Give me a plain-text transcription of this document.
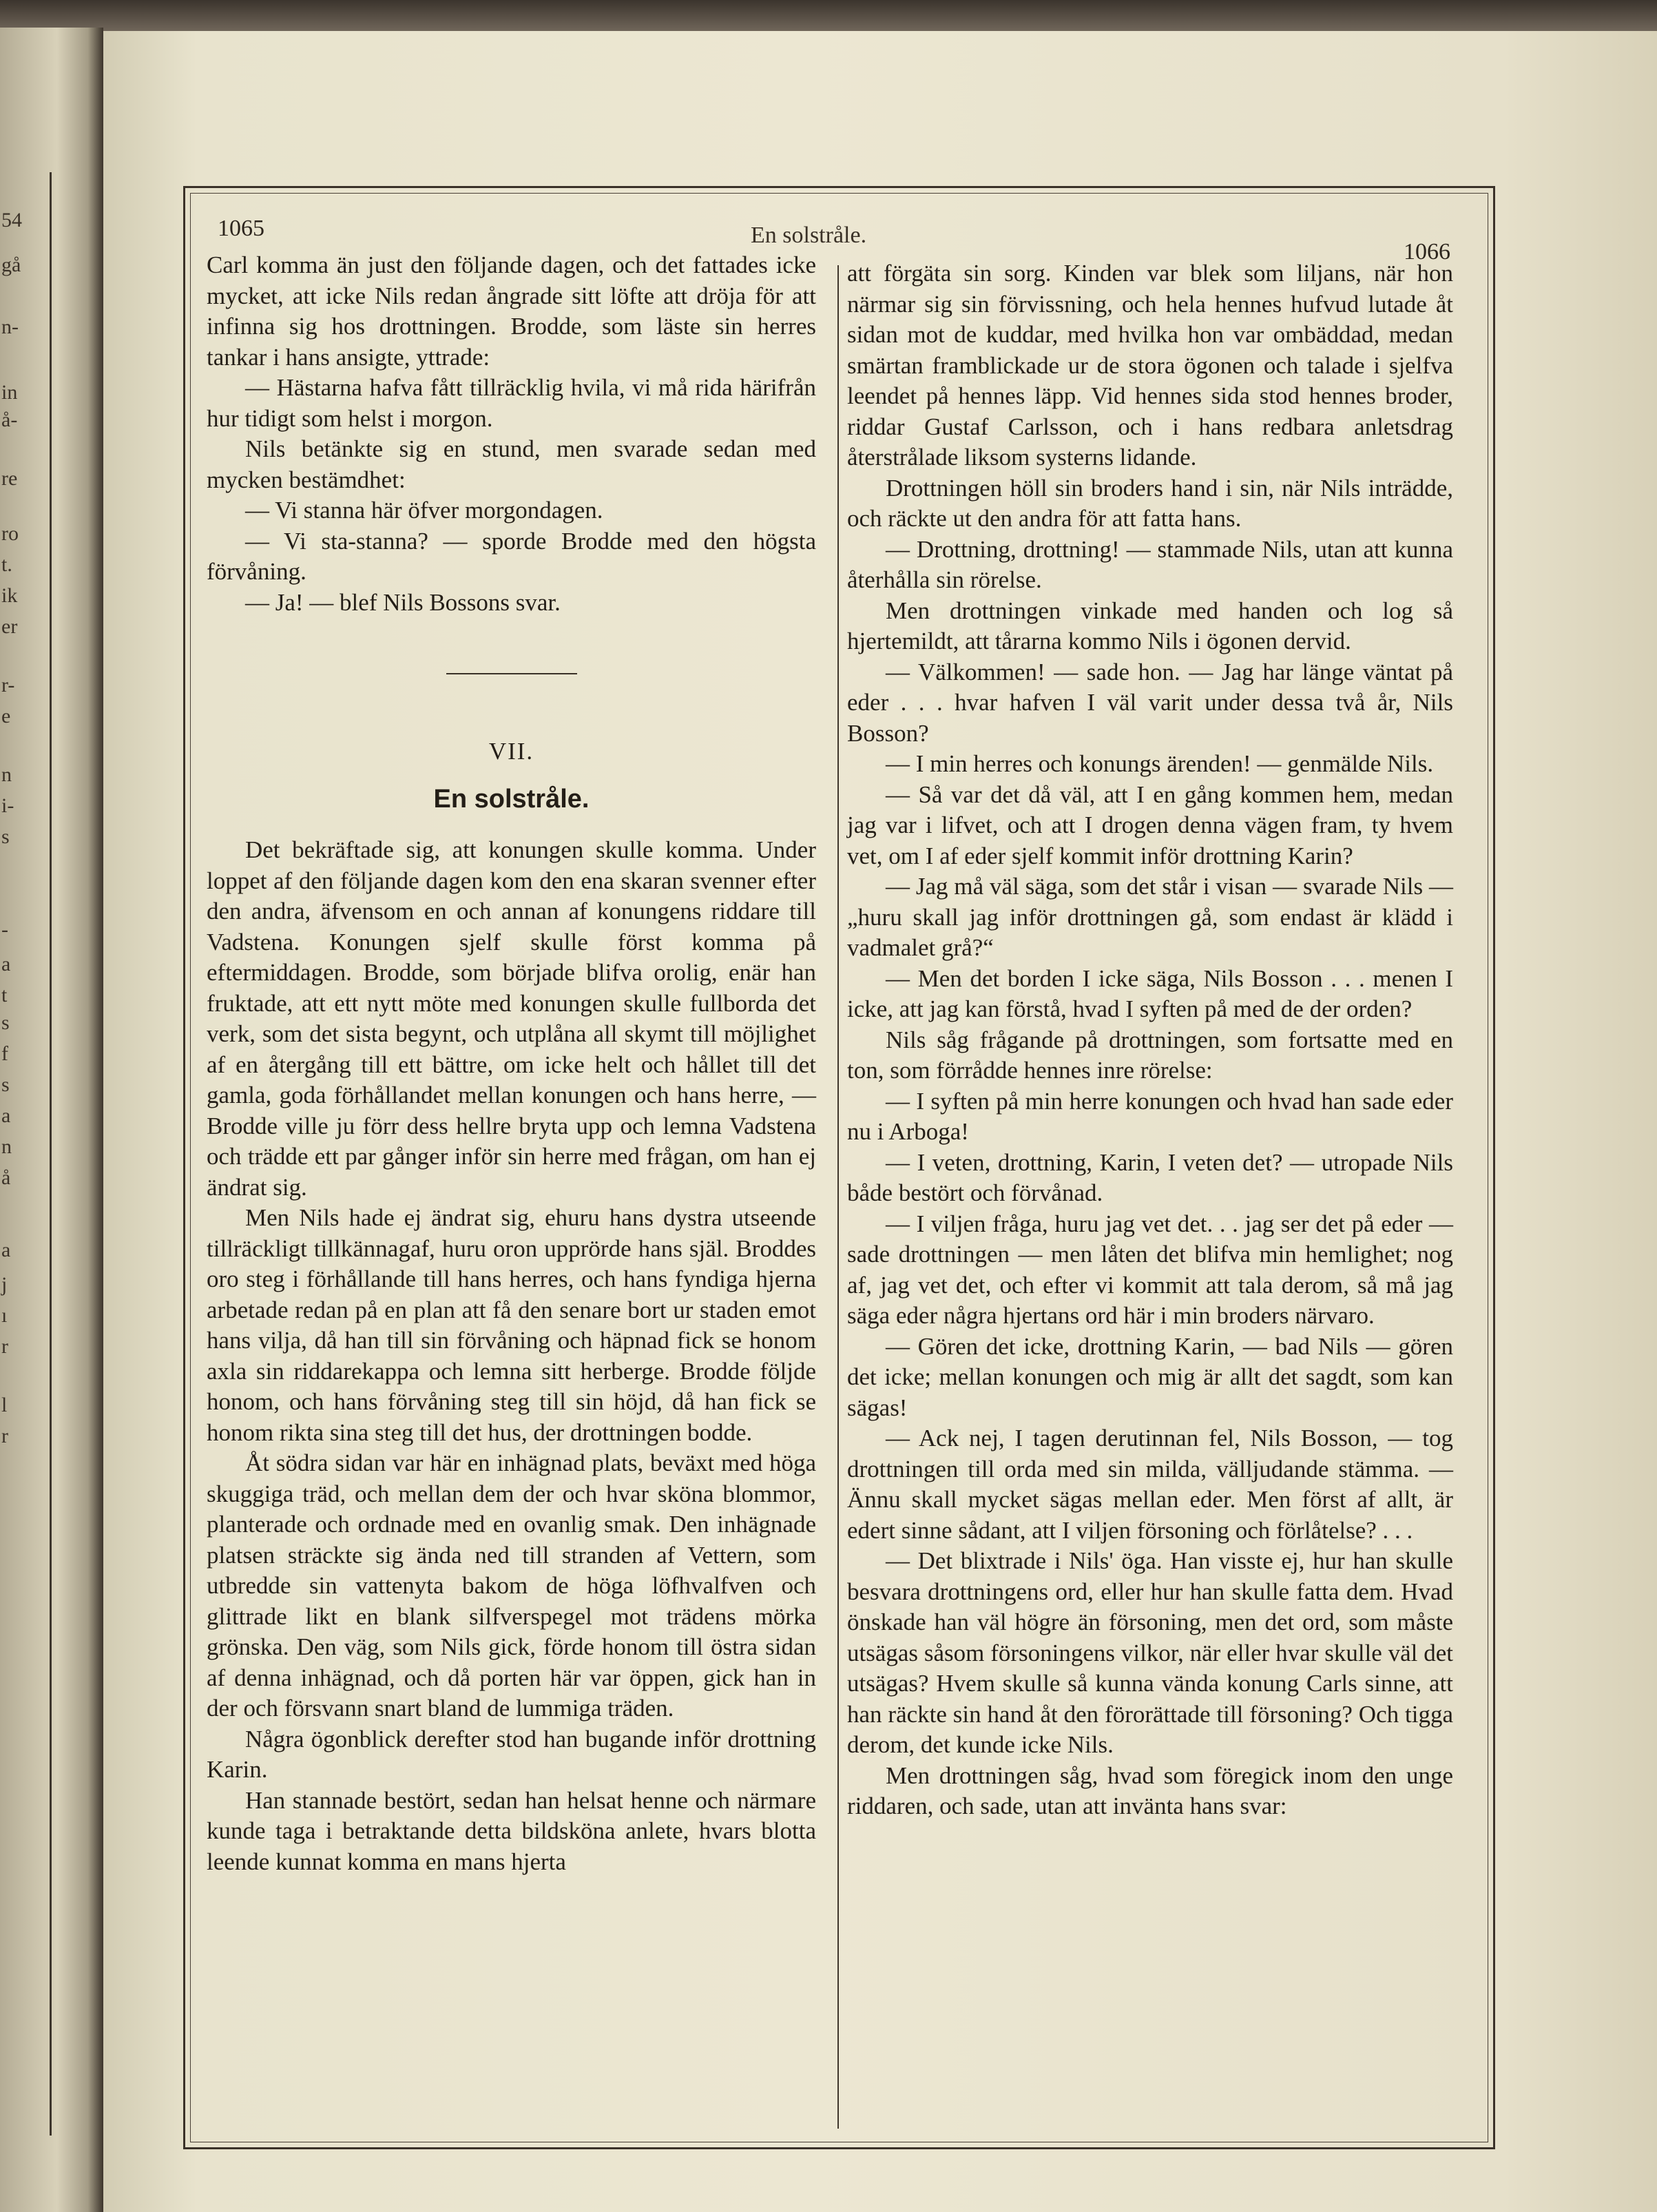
54
gå
n-
in
å-
re
ro
t.
ik
er
r-
e
n
i-
s
-
a
t
s
f
s
a
n
å
a
j
ı
r
l
r
1065	En solstråle.
1066

Carl komma än just den följande dagen, och det fattades icke mycket, att icke Nils redan ångrade sitt löfte att dröja för att infinna sig hos drottningen. Brodde, som läste sin herres tankar i hans ansigte, yttrade:

— Hästarna hafva fått tillräcklig hvila, vi må rida härifrån hur tidigt som helst i morgon.

Nils betänkte sig en stund, men svarade sedan med mycken bestämdhet:

— Vi stanna här öfver morgondagen.

— Vi sta-stanna? — sporde Brodde med den högsta förvåning.

— Ja! — blef Nils Bossons svar.

VII.
En solstråle.

Det bekräftade sig, att konungen skulle komma. Under loppet af den följande dagen kom den ena skaran svenner efter den andra, äfvensom en och annan af konungens riddare till Vadstena. Konungen sjelf skulle först komma på eftermiddagen. Brodde, som började blifva orolig, enär han fruktade, att ett nytt möte med konungen skulle fullborda det verk, som det sista begynt, och utplåna all skymt till möjlighet af en återgång till ett bättre, om icke helt och hållet till det gamla, goda förhållandet mellan konungen och hans herre, — Brodde ville ju förr dess hellre bryta upp och lemna Vadstena och trädde ett par gånger inför sin herre med frågan, om han ej ändrat sig.

Men Nils hade ej ändrat sig, ehuru hans dystra utseende tillräckligt tillkännagaf, huru oron upprörde hans själ. Broddes oro steg i förhållande till hans herres, och hans fyndiga hjerna arbetade redan på en plan att få den senare bort ur staden emot hans vilja, då han till sin förvåning och häpnad fick se honom axla sin riddarekappa och lemna sitt herberge. Brodde följde honom, och hans förvåning steg till sin höjd, då han fick se honom rikta sina steg till det hus, der drottningen bodde.

Åt södra sidan var här en inhägnad plats, beväxt med höga skuggiga träd, och mellan dem der och hvar sköna blommor, planterade och ordnade med en ovanlig smak. Den inhägnade platsen sträckte sig ända ned till stranden af Vettern, som utbredde sin vattenyta bakom de höga löfhvalfven och glittrade likt en blank silfverspegel mot trädens mörka grönska. Den väg, som Nils gick, förde honom till östra sidan af denna inhägnad, och då porten här var öppen, gick han in der och försvann snart bland de lummiga träden.

Några ögonblick derefter stod han bugande inför drottning Karin.

Han stannade bestört, sedan han helsat henne och närmare kunde taga i betraktande detta bildsköna anlete, hvars blotta leende kunnat komma en mans hjerta

att förgäta sin sorg. Kinden var blek som liljans, när hon närmar sig sin förvissning, och hela hennes hufvud lutade åt sidan mot de kuddar, med hvilka hon var ombäddad, medan smärtan framblickade ur de stora ögonen och talade i sjelfva leendet på hennes läpp. Vid hennes sida stod hennes broder, riddar Gustaf Carlsson, och i hans redbara anletsdrag återstrålade liksom systerns lidande.

Drottningen höll sin broders hand i sin, när Nils inträdde, och räckte ut den andra för att fatta hans.

— Drottning, drottning! — stammade Nils, utan att kunna återhålla sin rörelse.

Men drottningen vinkade med handen och log så hjertemildt, att tårarna kommo Nils i ögonen dervid.

— Välkommen! — sade hon. — Jag har länge väntat på eder . . . hvar hafven I väl varit under dessa två år, Nils Bosson?

— I min herres och konungs ärenden! — genmälde Nils.

— Så var det då väl, att I en gång kommen hem, medan jag var i lifvet, och att I drogen denna vägen fram, ty hvem vet, om I af eder sjelf kommit inför drottning Karin?

— Jag må väl säga, som det står i visan — svarade Nils — „huru skall jag inför drottningen gå, som endast är klädd i vadmalet grå?“

— Men det borden I icke säga, Nils Bosson . . . menen I icke, att jag kan förstå, hvad I syften på med de der orden?

Nils såg frågande på drottningen, som fortsatte med en ton, som förrådde hennes inre rörelse:

— I syften på min herre konungen och hvad han sade eder nu i Arboga!

— I veten, drottning, Karin, I veten det? — utropade Nils både bestört och förvånad.

— I viljen fråga, huru jag vet det. . . jag ser det på eder — sade drottningen — men låten det blifva min hemlighet; nog af, jag vet det, och efter vi kommit att tala derom, så må jag säga eder några hjertans ord här i min broders närvaro.

— Gören det icke, drottning Karin, — bad Nils — gören det icke; mellan konungen och mig är allt det sagdt, som kan sägas!

— Ack nej, I tagen derutinnan fel, Nils Bosson, — tog drottningen till orda med sin milda, välljudande stämma. — Ännu skall mycket sägas mellan eder. Men först af allt, är edert sinne sådant, att I viljen försoning och förlåtelse? . . .

— Det blixtrade i Nils' öga. Han visste ej, hur han skulle besvara drottningens ord, eller hur han skulle fatta dem. Hvad önskade han väl högre än försoning, men det ord, som måste utsägas såsom försoningens vilkor, när eller hvar skulle väl det utsägas? Hvem skulle så kunna vända konung Carls sinne, att han räckte sin hand åt den förorättade till försoning? Och tigga derom, det kunde icke Nils.

Men drottningen såg, hvad som föregick inom den unge riddaren, och sade, utan att invänta hans svar:
